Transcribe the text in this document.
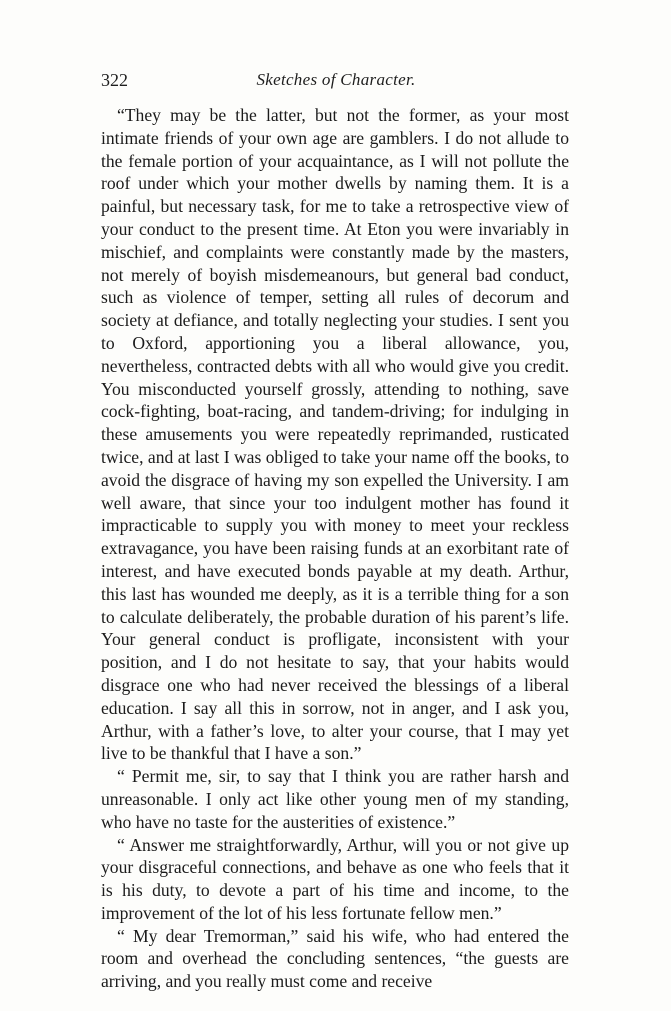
322	Sketches of Character.

“They may be the latter, but not the former, as your most intimate friends of your own age are gamblers. I do not allude to the female portion of your acquaintance, as I will not pollute the roof under which your mother dwells by naming them. It is a painful, but necessary task, for me to take a retrospective view of your conduct to the present time. At Eton you were invariably in mischief, and complaints were constantly made by the masters, not merely of boyish misdemeanours, but general bad conduct, such as violence of temper, setting all rules of decorum and society at defiance, and totally neglecting your studies. I sent you to Oxford, apportioning you a liberal allowance, you, nevertheless, contracted debts with all who would give you credit. You misconducted yourself grossly, attending to nothing, save cock-fighting, boat-racing, and tandem-driving; for indulging in these amusements you were repeatedly reprimanded, rusticated twice, and at last I was obliged to take your name off the books, to avoid the disgrace of having my son expelled the University. I am well aware, that since your too indulgent mother has found it impracticable to supply you with money to meet your reckless extravagance, you have been raising funds at an exorbitant rate of interest, and have executed bonds payable at my death. Arthur, this last has wounded me deeply, as it is a terrible thing for a son to calculate deliberately, the probable duration of his parent’s life. Your general conduct is profligate, inconsistent with your position, and I do not hesitate to say, that your habits would disgrace one who had never received the blessings of a liberal education. I say all this in sorrow, not in anger, and I ask you, Arthur, with a father’s love, to alter your course, that I may yet live to be thankful that I have a son.”

“ Permit me, sir, to say that I think you are rather harsh and unreasonable. I only act like other young men of my standing, who have no taste for the austerities of existence.”

“ Answer me straightforwardly, Arthur, will you or not give up your disgraceful connections, and behave as one who feels that it is his duty, to devote a part of his time and income, to the improvement of the lot of his less fortunate fellow men.”

“ My dear Tremorman,” said his wife, who had entered the room and overhead the concluding sentences, “the guests are arriving, and you really must come and receive
